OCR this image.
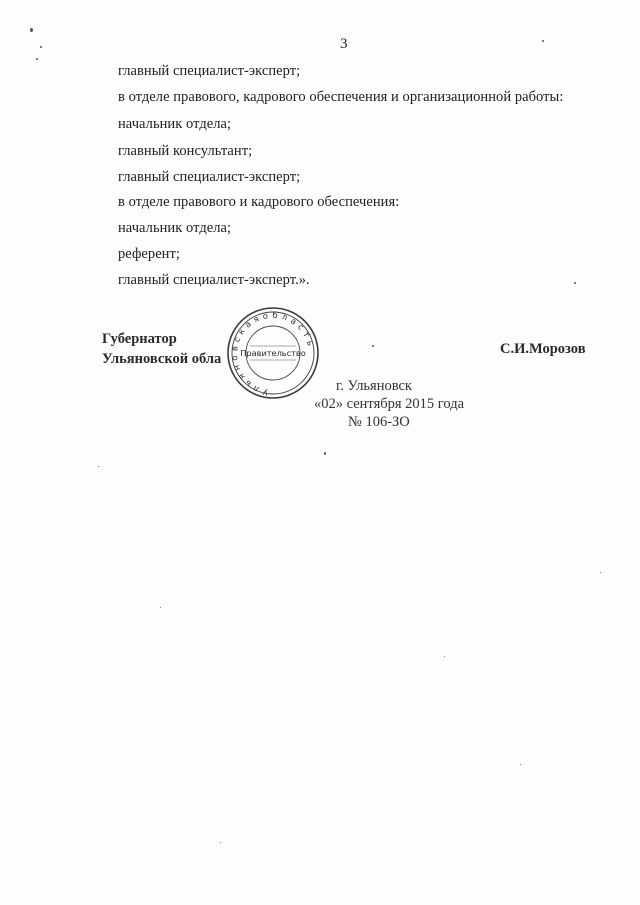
3
главный специалист-эксперт;
в отделе правового, кадрового обеспечения и организационной работы:
начальник отдела;
главный консультант;
главный специалист-эксперт;
в отделе правового и кадрового обеспечения:
начальник отдела;
референт;
главный специалист-эксперт.».
Губернатор
Ульяновской обла
С.И.Морозов
У л ь я н о в с к а я о б л а с т ь
Правительство
г. Ульяновск
«02» сентября 2015 года
№ 106-ЗО
